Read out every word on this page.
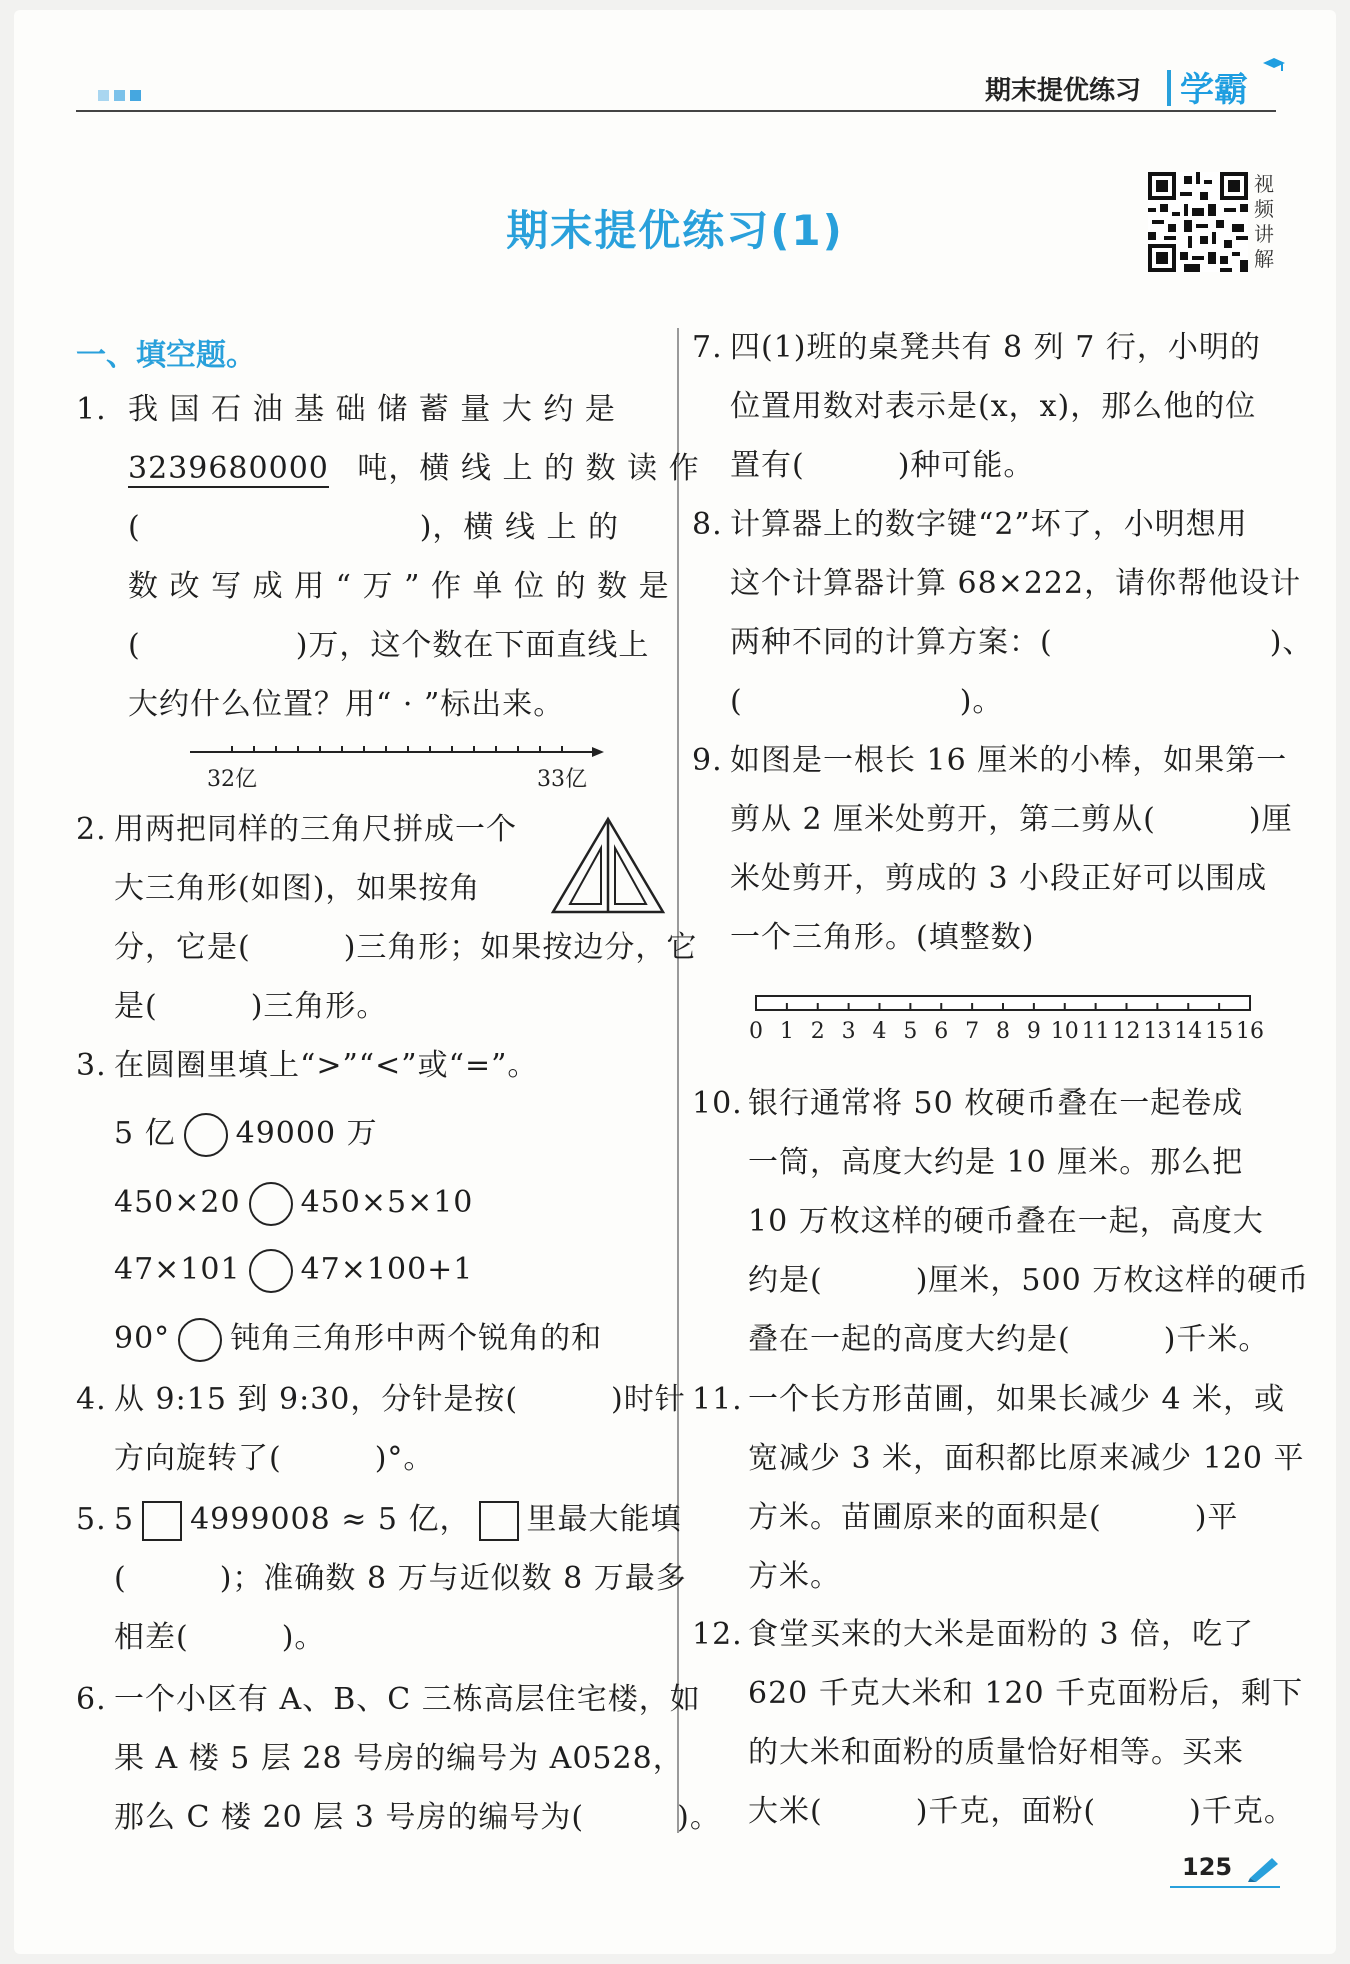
期末提优练习 学霸
期末提优练习(1)
视频讲解
一、填空题。
1. 我 国 石 油 基 础 储 蓄 量 大 约 是
3239680000 吨，横 线 上 的 数 读 作
(　　　　　　　　　)，横 线 上 的
数 改 写 成 用 “ 万 ” 作 单 位 的 数 是
(　　　　　)万，这个数在下面直线上
大约什么位置？用“ · ”标出来。
32亿	33亿
2. 用两把同样的三角尺拼成一个
大三角形(如图)，如果按角
分，它是(　　　)三角形；如果按边分，它
是(　　　)三角形。
3. 在圆圈里填上“>”“<”或“=”。
5 亿 49000 万
450×20 450×5×10
47×101 47×100+1
90° 钝角三角形中两个锐角的和
4. 从 9:15 到 9:30，分针是按(　　　)时针
方向旋转了(　　　)°。
5. 5 4999008 ≈ 5 亿， 里最大能填
(　　　)；准确数 8 万与近似数 8 万最多
相差(　　　)。
6. 一个小区有 A、B、C 三栋高层住宅楼，如
果 A 楼 5 层 28 号房的编号为 A0528，
那么 C 楼 20 层 3 号房的编号为(　　　)。
7. 四(1)班的桌凳共有 8 列 7 行，小明的
位置用数对表示是(x，x)，那么他的位
置有(　　　)种可能。
8. 计算器上的数字键“2”坏了，小明想用
这个计算器计算 68×222，请你帮他设计
两种不同的计算方案：(　　　　　　　)、
(　　　　　　　)。
9. 如图是一根长 16 厘米的小棒，如果第一
剪从 2 厘米处剪开，第二剪从(　　　)厘
米处剪开，剪成的 3 小段正好可以围成
一个三角形。(填整数)
0 1 2 3 4 5 6 7 8 9 10 11 12 13 14 15 16
10. 银行通常将 50 枚硬币叠在一起卷成
一筒，高度大约是 10 厘米。那么把
10 万枚这样的硬币叠在一起，高度大
约是(　　　)厘米，500 万枚这样的硬币
叠在一起的高度大约是(　　　)千米。
11. 一个长方形苗圃，如果长减少 4 米，或
宽减少 3 米，面积都比原来减少 120 平
方米。苗圃原来的面积是(　　　)平
方米。
12. 食堂买来的大米是面粉的 3 倍，吃了
620 千克大米和 120 千克面粉后，剩下
的大米和面粉的质量恰好相等。买来
大米(　　　)千克，面粉(　　　)千克。
125
